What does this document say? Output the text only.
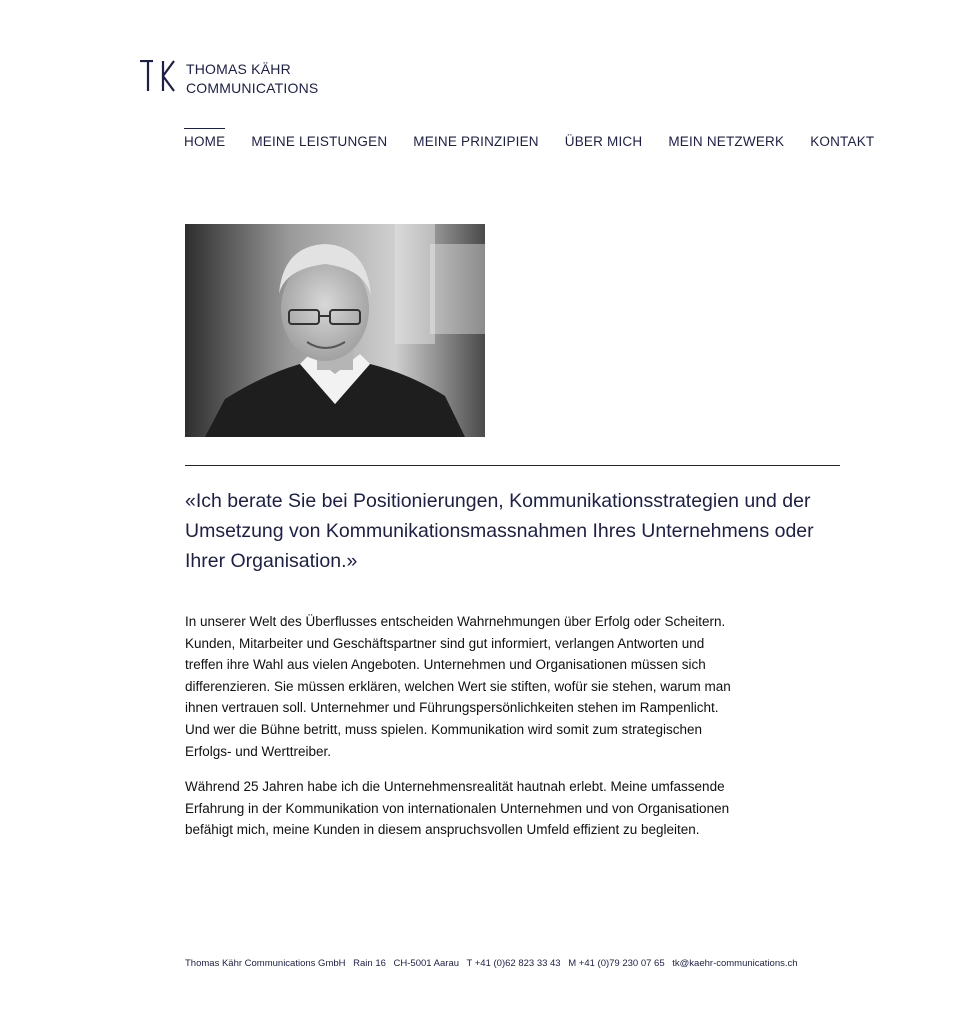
THOMAS KÄHR
COMMUNICATIONS
HOME MEINE LEISTUNGEN MEINE PRINZIPIEN ÜBER MICH MEIN NETZWERK KONTAKT
«Ich berate Sie bei Positionierungen, Kommunikationsstrategien und der Umsetzung von Kommunikationsmassnahmen Ihres Unternehmens oder Ihrer Organisation.»

In unserer Welt des Überflusses entscheiden Wahrnehmungen über Erfolg oder Scheitern. Kunden, Mitarbeiter und Geschäftspartner sind gut informiert, verlangen Antworten und treffen ihre Wahl aus vielen Angeboten. Unternehmen und Organisationen müssen sich differenzieren. Sie müssen erklären, welchen Wert sie stiften, wofür sie stehen, warum man ihnen vertrauen soll. Unternehmer und Führungspersönlichkeiten stehen im Rampenlicht. Und wer die Bühne betritt, muss spielen. Kommunikation wird somit zum strategischen Erfolgs- und Werttreiber.

Während 25 Jahren habe ich die Unternehmensrealität hautnah erlebt. Meine umfassende Erfahrung in der Kommunikation von internationalen Unternehmen und von Organisationen befähigt mich, meine Kunden in diesem anspruchsvollen Umfeld effizient zu begleiten.

Thomas Kähr Communications GmbH Rain 16 CH-5001 Aarau T +41 (0)62 823 33 43 M +41 (0)79 230 07 65 tk@kaehr-communications.ch
